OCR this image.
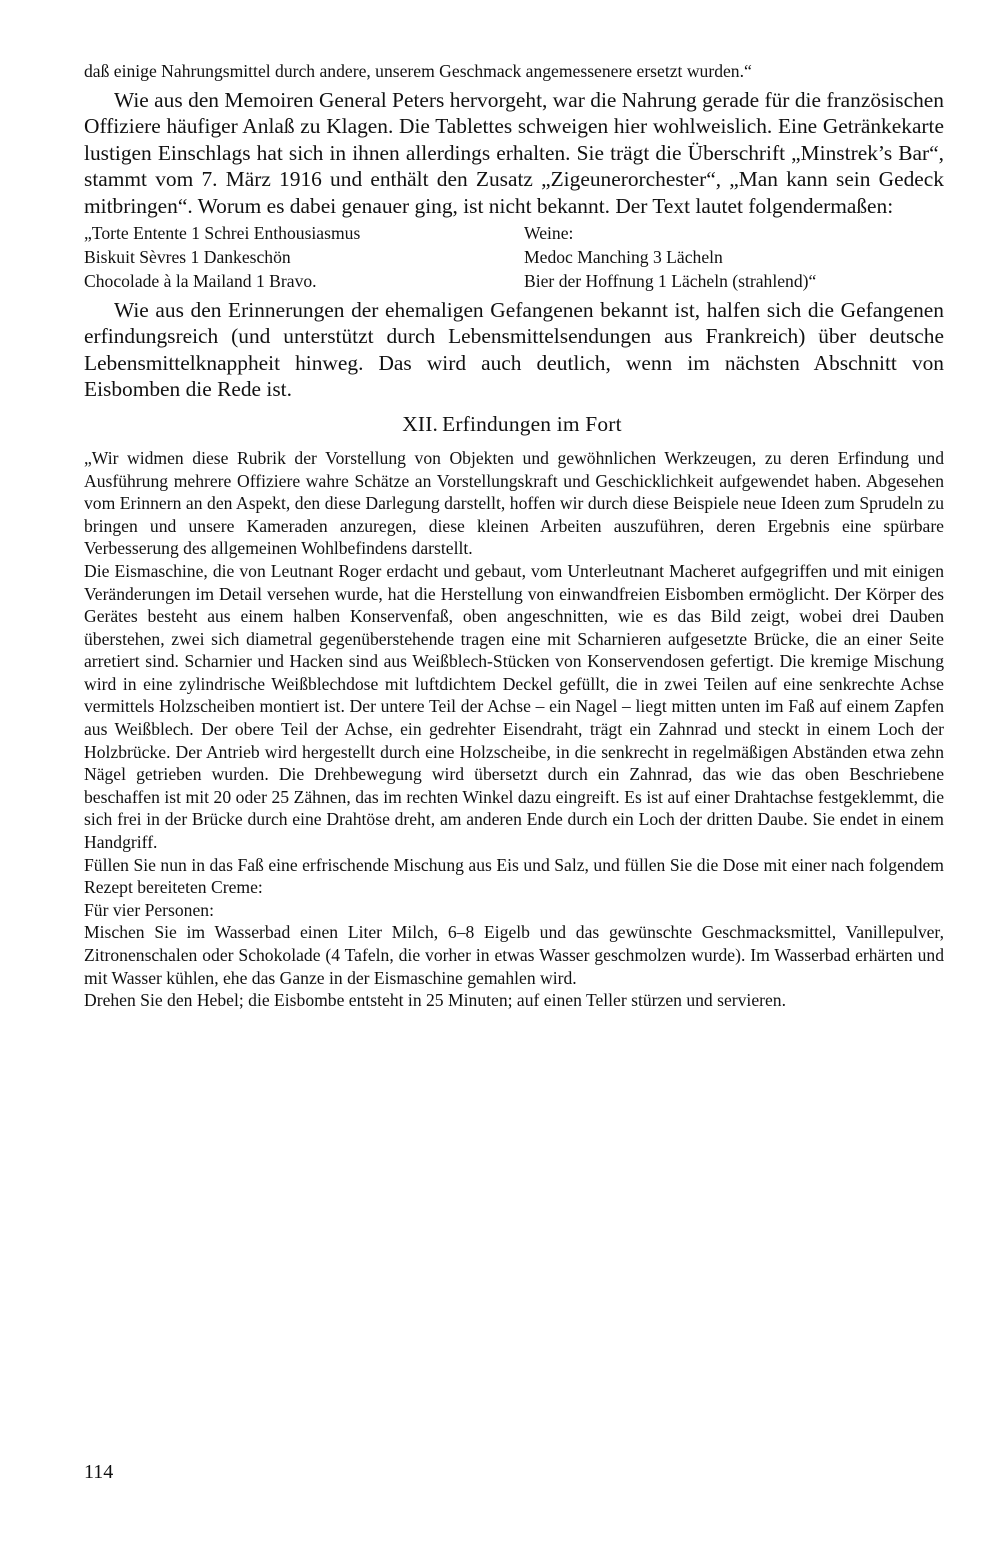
daß einige Nahrungsmittel durch andere, unserem Geschmack angemessenere ersetzt wurden.“

Wie aus den Memoiren General Peters hervorgeht, war die Nahrung gerade für die französischen Offiziere häufiger Anlaß zu Klagen. Die Tablettes schweigen hier wohlweislich. Eine Getränkekarte lustigen Einschlags hat sich in ihnen allerdings erhalten. Sie trägt die Überschrift „Minstrek’s Bar“, stammt vom 7. März 1916 und enthält den Zusatz „Zigeunerorchester“, „Man kann sein Gedeck mitbringen“. Worum es dabei genauer ging, ist nicht bekannt. Der Text lautet folgendermaßen:

„Torte Entente 1 Schrei Enthousiasmus	Weine:
Biskuit Sèvres 1 Dankeschön	Medoc Manching 3 Lächeln
Chocolade à la Mailand 1 Bravo.	Bier der Hoffnung 1 Lächeln (strahlend)“

Wie aus den Erinnerungen der ehemaligen Gefangenen bekannt ist, halfen sich die Gefangenen erfindungsreich (und unterstützt durch Lebensmittelsendungen aus Frankreich) über deutsche Lebensmittelknappheit hinweg. Das wird auch deutlich, wenn im nächsten Abschnitt von Eisbomben die Rede ist.

XII. Erfindungen im Fort

„Wir widmen diese Rubrik der Vorstellung von Objekten und gewöhnlichen Werkzeugen, zu deren Erfindung und Ausführung mehrere Offiziere wahre Schätze an Vorstellungskraft und Geschicklichkeit aufgewendet haben. Abgesehen vom Erinnern an den Aspekt, den diese Darlegung darstellt, hoffen wir durch diese Beispiele neue Ideen zum Sprudeln zu bringen und unsere Kameraden anzuregen, diese kleinen Arbeiten auszuführen, deren Ergebnis eine spürbare Verbesserung des allgemeinen Wohlbefindens darstellt.

Die Eismaschine, die von Leutnant Roger erdacht und gebaut, vom Unterleutnant Macheret aufgegriffen und mit einigen Veränderungen im Detail versehen wurde, hat die Herstellung von einwandfreien Eisbomben ermöglicht. Der Körper des Gerätes besteht aus einem halben Konservenfaß, oben angeschnitten, wie es das Bild zeigt, wobei drei Dauben überstehen, zwei sich diametral gegenüberstehende tragen eine mit Scharnieren aufgesetzte Brücke, die an einer Seite arretiert sind. Scharnier und Hacken sind aus Weißblech-Stücken von Konservendosen gefertigt. Die kremige Mischung wird in eine zylindrische Weißblechdose mit luftdichtem Deckel gefüllt, die in zwei Teilen auf eine senkrechte Achse vermittels Holzscheiben montiert ist. Der untere Teil der Achse – ein Nagel – liegt mitten unten im Faß auf einem Zapfen aus Weißblech. Der obere Teil der Achse, ein gedrehter Eisendraht, trägt ein Zahnrad und steckt in einem Loch der Holzbrücke. Der Antrieb wird hergestellt durch eine Holzscheibe, in die senkrecht in regelmäßigen Abständen etwa zehn Nägel getrieben wurden. Die Drehbewegung wird übersetzt durch ein Zahnrad, das wie das oben Beschriebene beschaffen ist mit 20 oder 25 Zähnen, das im rechten Winkel dazu eingreift. Es ist auf einer Drahtachse festgeklemmt, die sich frei in der Brücke durch eine Drahtöse dreht, am anderen Ende durch ein Loch der dritten Daube. Sie endet in einem Handgriff.

Füllen Sie nun in das Faß eine erfrischende Mischung aus Eis und Salz, und füllen Sie die Dose mit einer nach folgendem Rezept bereiteten Creme:

Für vier Personen:

Mischen Sie im Wasserbad einen Liter Milch, 6–8 Eigelb und das gewünschte Geschmacksmittel, Vanillepulver, Zitronenschalen oder Schokolade (4 Tafeln, die vorher in etwas Wasser geschmolzen wurde). Im Wasserbad erhärten und mit Wasser kühlen, ehe das Ganze in der Eismaschine gemahlen wird.

Drehen Sie den Hebel; die Eisbombe entsteht in 25 Minuten; auf einen Teller stürzen und servieren.

114
